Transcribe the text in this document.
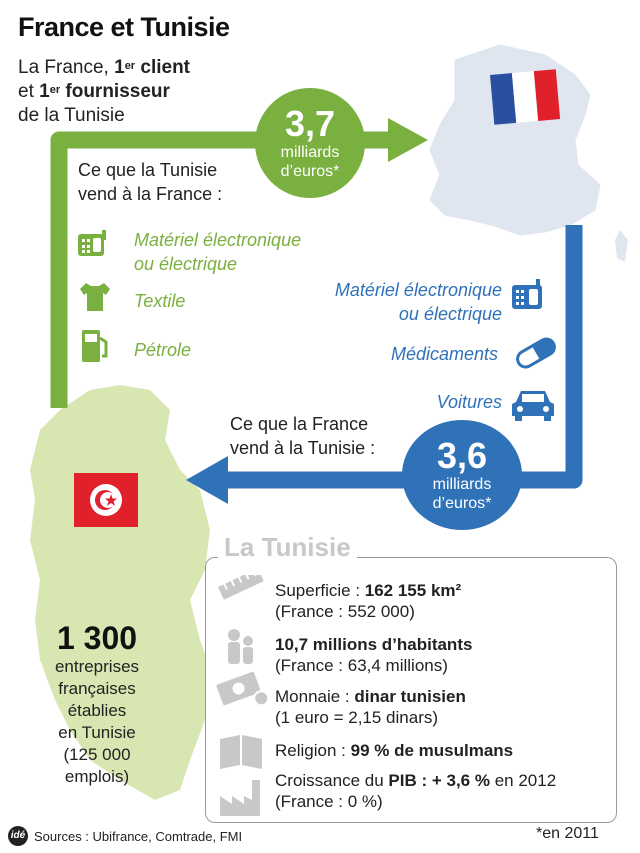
France et Tunisie
La France, 1er client
et 1er fournisseur
de la Tunisie	3,7
milliards
d’euros*
Ce que la Tunisie
vend à la France :
Matériel électronique
ou électrique
Textile
Pétrole
Matériel électronique
ou électrique
Médicaments
Voitures
Ce que la France
vend à la Tunisie : 3,6
milliards
d’euros*
La Tunisie
Superficie : 162 155 km²
(France : 552 000)
10,7 millions d’habitants
(France : 63,4 millions)
Monnaie : dinar tunisien
(1 euro = 2,15 dinars)
Religion : 99 % de musulmans
Croissance du PIB : + 3,6 % en 2012
(France : 0 %)
1 300
entreprises
françaises
établies
en Tunisie
(125 000
emplois)
idé Sources : Ubifrance, Comtrade, FMI	*en 2011
